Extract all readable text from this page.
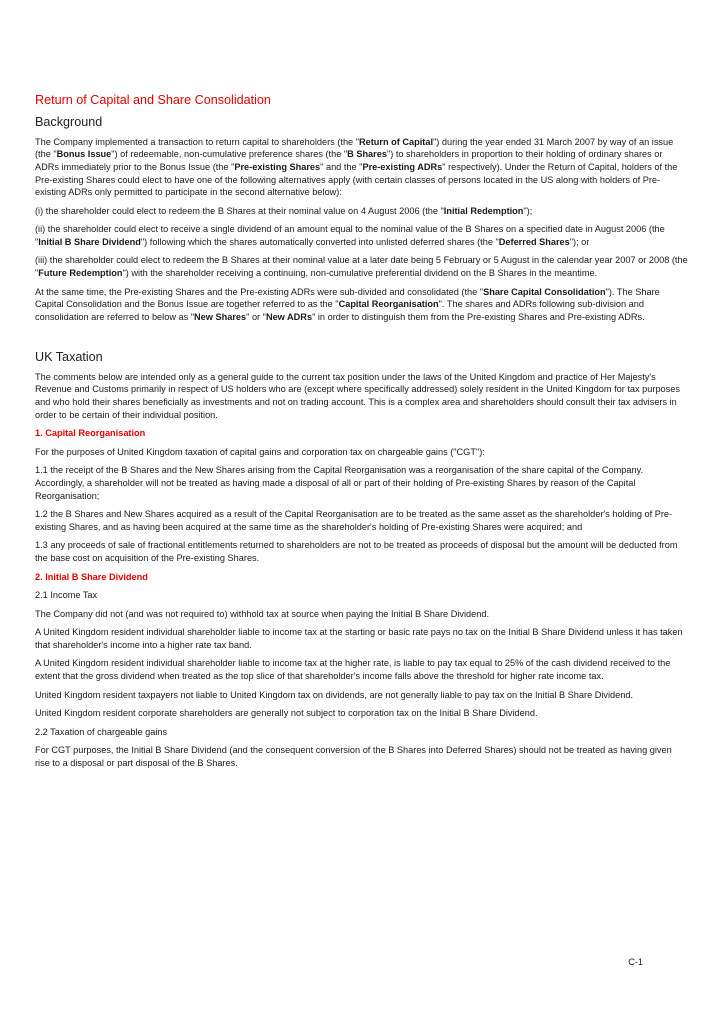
Return of Capital and Share Consolidation
Background

The Company implemented a transaction to return capital to shareholders (the "Return of Capital") during the year ended 31 March 2007 by way of an issue (the "Bonus Issue") of redeemable, non-cumulative preference shares (the "B Shares") to shareholders in proportion to their holding of ordinary shares or ADRs immediately prior to the Bonus Issue (the "Pre-existing Shares" and the "Pre-existing ADRs" respectively). Under the Return of Capital, holders of the Pre-existing Shares could elect to have one of the following alternatives apply (with certain classes of persons located in the US along with holders of Pre-existing ADRs only permitted to participate in the second alternative below):

(i) the shareholder could elect to redeem the B Shares at their nominal value on 4 August 2006 (the "Initial Redemption");

(ii) the shareholder could elect to receive a single dividend of an amount equal to the nominal value of the B Shares on a specified date in August 2006 (the "Initial B Share Dividend") following which the shares automatically converted into unlisted deferred shares (the "Deferred Shares"); or

(iii) the shareholder could elect to redeem the B Shares at their nominal value at a later date being 5 February or 5 August in the calendar year 2007 or 2008 (the "Future Redemption") with the shareholder receiving a continuing, non-cumulative preferential dividend on the B Shares in the meantime.

At the same time, the Pre-existing Shares and the Pre-existing ADRs were sub-divided and consolidated (the "Share Capital Consolidation"). The Share Capital Consolidation and the Bonus Issue are together referred to as the "Capital Reorganisation". The shares and ADRs following sub-division and consolidation are referred to below as "New Shares" or "New ADRs" in order to distinguish them from the Pre-existing Shares and Pre-existing ADRs.

UK Taxation

The comments below are intended only as a general guide to the current tax position under the laws of the United Kingdom and practice of Her Majesty's Revenue and Customs primarily in respect of US holders who are (except where specifically addressed) solely resident in the United Kingdom for tax purposes and who hold their shares beneficially as investments and not on trading account. This is a complex area and shareholders should consult their tax advisers in order to be certain of their individual position.

1. Capital Reorganisation

For the purposes of United Kingdom taxation of capital gains and corporation tax on chargeable gains ("CGT"):

1.1 the receipt of the B Shares and the New Shares arising from the Capital Reorganisation was a reorganisation of the share capital of the Company. Accordingly, a shareholder will not be treated as having made a disposal of all or part of their holding of Pre-existing Shares by reason of the Capital Reorganisation;

1.2 the B Shares and New Shares acquired as a result of the Capital Reorganisation are to be treated as the same asset as the shareholder's holding of Pre-existing Shares, and as having been acquired at the same time as the shareholder's holding of Pre-existing Shares were acquired; and

1.3 any proceeds of sale of fractional entitlements returned to shareholders are not to be treated as proceeds of disposal but the amount will be deducted from the base cost on acquisition of the Pre-existing Shares.

2. Initial B Share Dividend
2.1 Income Tax

The Company did not (and was not required to) withhold tax at source when paying the Initial B Share Dividend.

A United Kingdom resident individual shareholder liable to income tax at the starting or basic rate pays no tax on the Initial B Share Dividend unless it has taken that shareholder's income into a higher rate tax band.

A United Kingdom resident individual shareholder liable to income tax at the higher rate, is liable to pay tax equal to 25% of the cash dividend received to the extent that the gross dividend when treated as the top slice of that shareholder's income falls above the threshold for higher rate income tax.

United Kingdom resident taxpayers not liable to United Kingdom tax on dividends, are not generally liable to pay tax on the Initial B Share Dividend.

United Kingdom resident corporate shareholders are generally not subject to corporation tax on the Initial B Share Dividend.

2.2 Taxation of chargeable gains

For CGT purposes, the Initial B Share Dividend (and the consequent conversion of the B Shares into Deferred Shares) should not be treated as having given rise to a disposal or part disposal of the B Shares.

C-1
